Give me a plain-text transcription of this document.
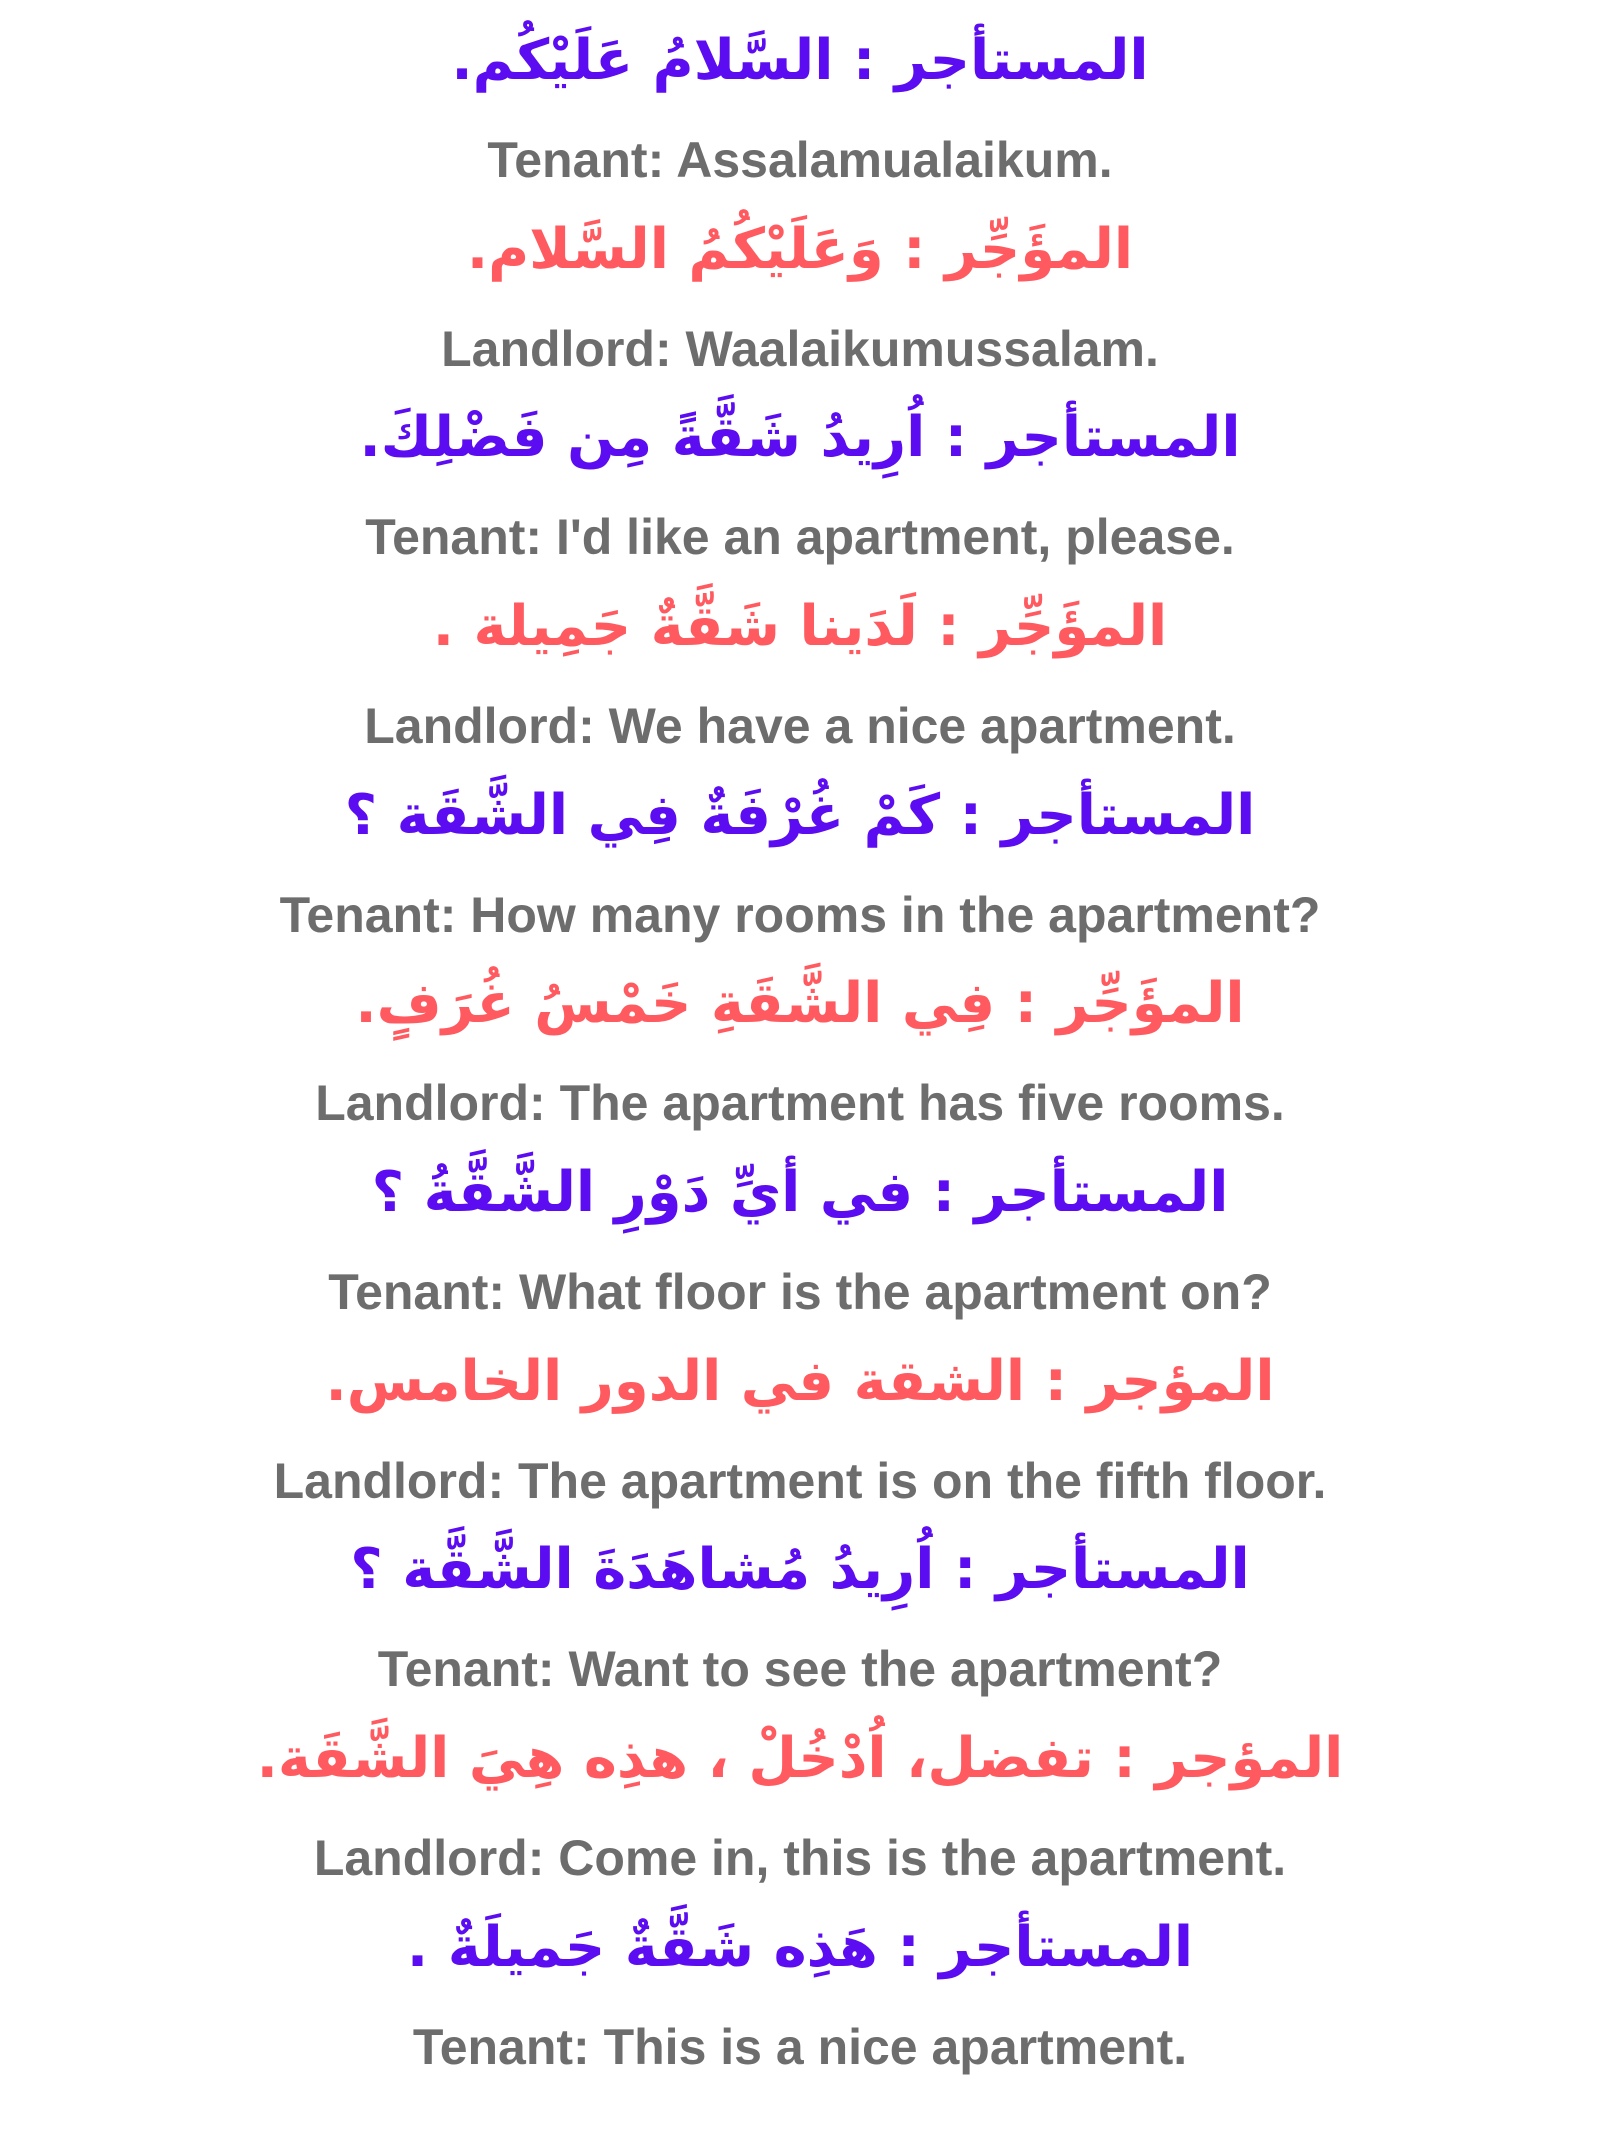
المستأجر : السَّلامُ عَلَيْكُم.
Tenant: Assalamualaikum.
المؤَجِّر : وَعَلَيْكُمُ السَّلام.
Landlord: Waalaikumussalam.
المستأجر : اُرِيدُ شَقَّةً مِن فَضْلِكَ.
Tenant: I'd like an apartment, please.
المؤَجِّر : لَدَينا شَقَّةٌ جَمِيلة .
Landlord: We have a nice apartment.
المستأجر : كَمْ غُرْفَةٌ فِي الشَّقَة ؟
Tenant: How many rooms in the apartment?
المؤَجِّر : فِي الشَّقَةِ خَمْسُ غُرَفٍ.
Landlord: The apartment has five rooms.
المستأجر : في أيِّ دَوْرِ الشَّقَّةُ ؟
Tenant: What floor is the apartment on?
المؤجر : الشقة في الدور الخامس.
Landlord: The apartment is on the fifth floor.
المستأجر : اُرِيدُ مُشاهَدَةَ الشَّقَّة ؟
Tenant: Want to see the apartment?
المؤجر : تفضل، اُدْخُلْ ، هذِه هِيَ الشَّقَة.
Landlord: Come in, this is the apartment.
المستأجر : هَذِه شَقَّةٌ جَميلَةٌ .
Tenant: This is a nice apartment.
